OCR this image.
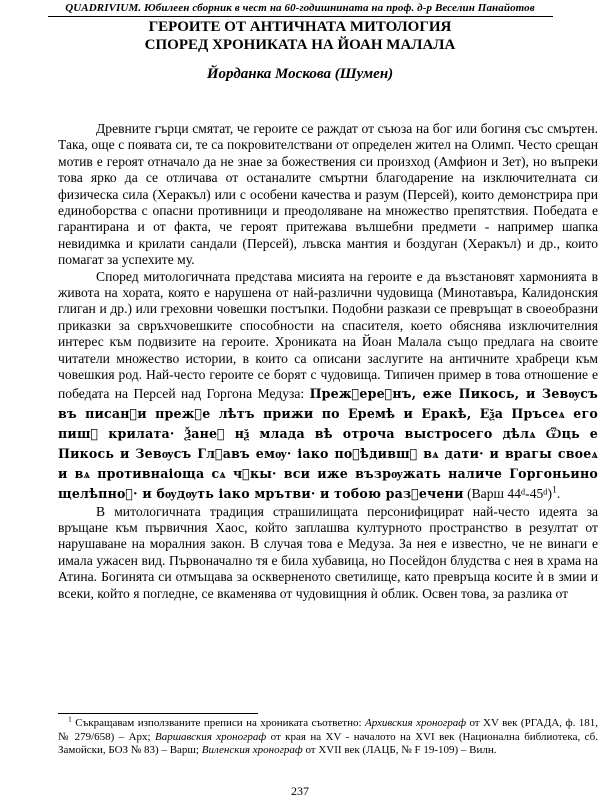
QUADRIVIUM. Юбилеен сборник в чест на 60-годишнината на проф. д-р Веселин Панайотов
ГЕРОИТЕ ОТ АНТИЧНАТА МИТОЛОГИЯ
СПОРЕД ХРОНИКАТА НА ЙОАН МАЛАЛА
Йорданка Москова (Шумен)

Древните гърци смятат, че героите се раждат от съюза на бог или богиня със смъртен. Така, още с появата си, те са покровителствани от определен жител на Олимп. Често срещан мотив е героят отначало да не знае за божествения си произход (Амфион и Зет), но въпреки това ярко да се отличава от останалите смъртни благодарение на изключителната си физическа сила (Херакъл) или с особени качества и разум (Персей), които демонстрира при единоборства с опасни противници и преодоляване на множество препятствия. Победата е гарантирана и от факта, че героят притежава вълшебни предмети - например шапка невидимка и крилати сандали (Персей), лъвска мантия и боздуган (Херакъл) и др., които помагат за успехите му.

Според митологичната представа мисията на героите е да възстановят хармонията в живота на хората, която е нарушена от най-различни чудовища (Минотавъра, Калидонския глиган и др.) или греховни човешки постъпки. Подобни разкази се превръщат в своеобразни приказки за свръхчовешките способности на спасителя, което обяснява изключителния интерес към подвизите на героите. Хрониката на Йоан Малала също предлага на своите читатели множество истории, в които са описани заслугите на античните храбреци към човешкия род. Най-често героите се борят с чудовища. Типичен пример в това отношение е победата на Персей над Горгона Медуза: Прежⷣереⷱнъ, еже Пикось, и Зевѹсъ въ писанⷰи прежⷣе лѣтъ прижи по Еремѣ и Еракѣ, Еѯа Пръсеѧ его пишⷶ крилата· Ѯанеⷨ нѯ млада вѣ отроча выстросего дѣлѧ Ѿць е Пикось и Зевѹсъ Глⷡавъ емѹ· іако поⷠѣдившⷤ вѧ дати· и врагы своеѧ и вѧ противнаіоща сѧ чⷧкы· вси иже възрѹжать наличе Горгоньино щелѣпноⷮ· и бѹдѹть іако мрътви· и тобою разⷱечени (Варш 44ᵈ-45ᵈ)$^1$.

В митологичната традиция страшилищата персонифицират най-често идеята за връщане към първичния Хаос, който заплашва културното пространство в резултат от нарушаване на моралния закон. В случая това е Медуза. За нея е известно, че не винаги е имала ужасен вид. Първоначално тя е била хубавица, но Посейдон блудства с нея в храма на Атина. Богинята си отмъщава за оскверненото светилище, като превръща косите ѝ в змии и всеки, който я погледне, се вкаменява от чудовищния ѝ облик. Освен това, за разлика от

$^1$ Съкращавам използваните преписи на хрониката съответно: Архивския хронограф от XV век (РГАДА, ф. 181, № 279/658) – Арх; Варшавския хронограф от края на XV - началото на XVI век (Национална библиотека, сб. Замойски, БОЗ № 83) – Варш; Виленския хронограф от XVII век (ЛАЦБ, № F 19-109) – Вилн.

237
